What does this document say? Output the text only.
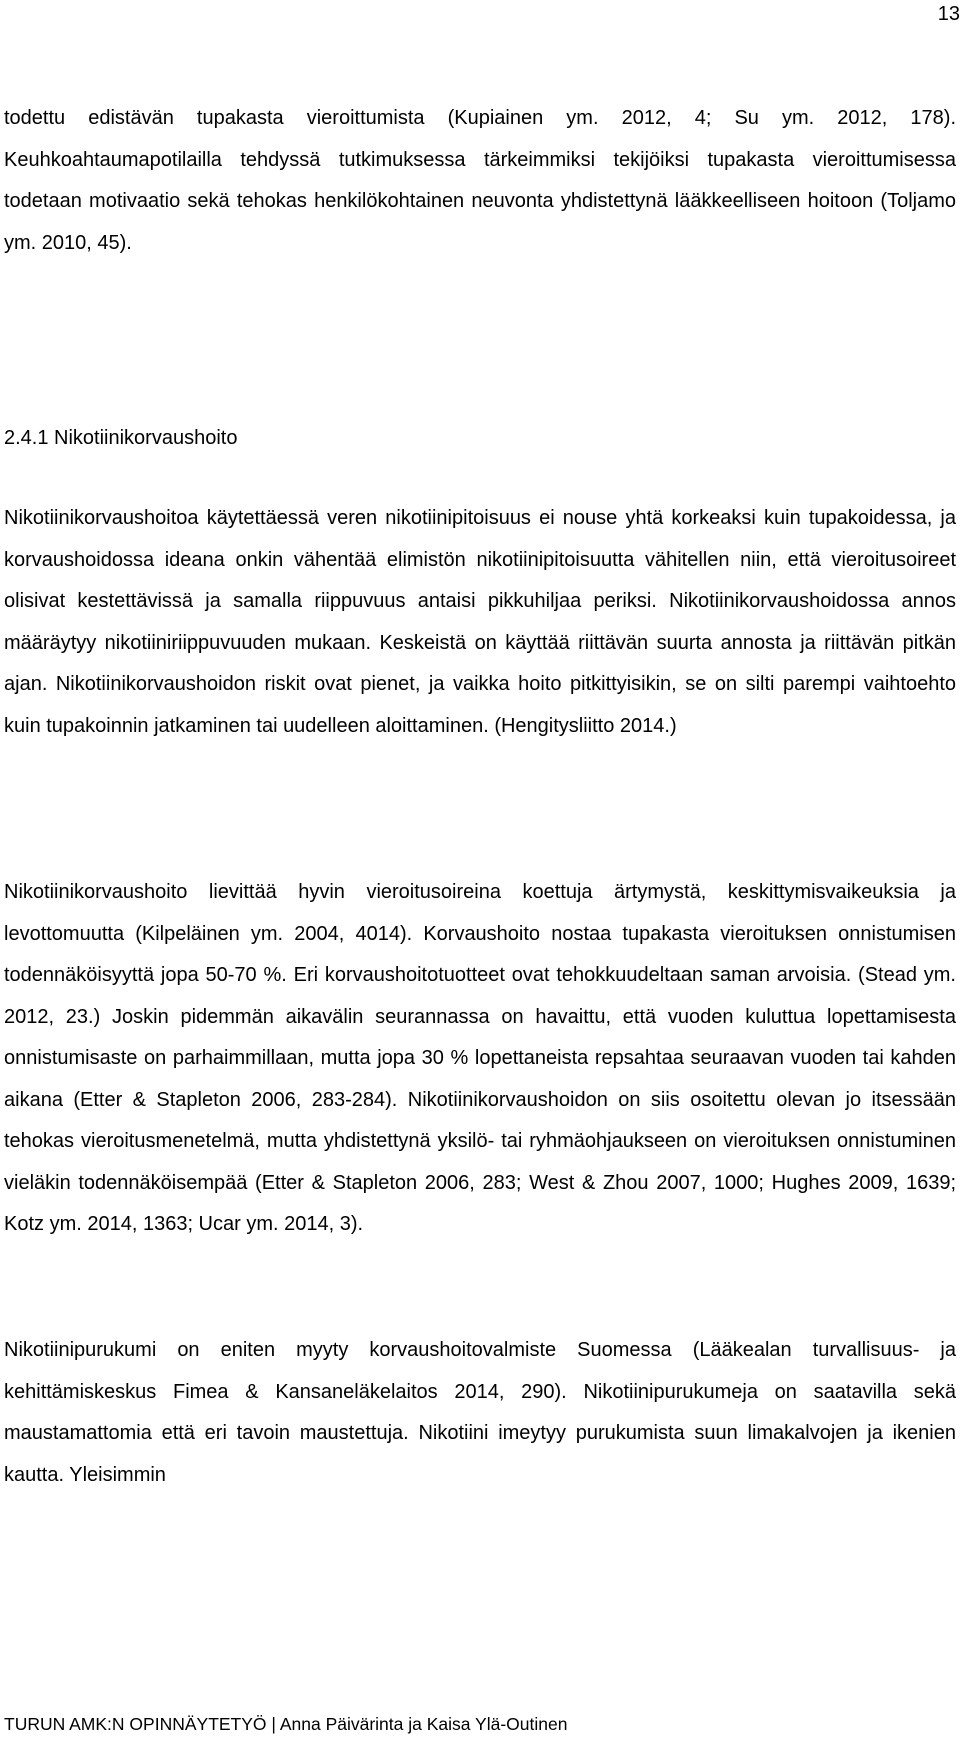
13

todettu edistävän tupakasta vieroittumista (Kupiainen ym. 2012, 4; Su ym. 2012, 178). Keuhkoahtaumapotilailla tehdyssä tutkimuksessa tärkeimmiksi tekijöiksi tupakasta vieroittumisessa todetaan motivaatio sekä tehokas henkilökohtainen neuvonta yhdistettynä lääkkeelliseen hoitoon (Toljamo ym. 2010, 45).

2.4.1 Nikotiinikorvaushoito

Nikotiinikorvaushoitoa käytettäessä veren nikotiinipitoisuus ei nouse yhtä korkeaksi kuin tupakoidessa, ja korvaushoidossa ideana onkin vähentää elimistön nikotiinipitoisuutta vähitellen niin, että vieroitusoireet olisivat kestettävissä ja samalla riippuvuus antaisi pikkuhiljaa periksi. Nikotiinikorvaushoidossa annos määräytyy nikotiiniriippuvuuden mukaan. Keskeistä on käyttää riittävän suurta annosta ja riittävän pitkän ajan. Nikotiinikorvaushoidon riskit ovat pienet, ja vaikka hoito pitkittyisikin, se on silti parempi vaihtoehto kuin tupakoinnin jatkaminen tai uudelleen aloittaminen. (Hengitysliitto 2014.)

Nikotiinikorvaushoito lievittää hyvin vieroitusoireina koettuja ärtymystä, keskittymisvaikeuksia ja levottomuutta (Kilpeläinen ym. 2004, 4014). Korvaushoito nostaa tupakasta vieroituksen onnistumisen todennäköisyyttä jopa 50-70 %. Eri korvaushoitotuotteet ovat tehokkuudeltaan saman arvoisia. (Stead ym. 2012, 23.) Joskin pidemmän aikavälin seurannassa on havaittu, että vuoden kuluttua lopettamisesta onnistumisaste on parhaimmillaan, mutta jopa 30 % lopettaneista repsahtaa seuraavan vuoden tai kahden aikana (Etter & Stapleton 2006, 283-284). Nikotiinikorvaushoidon on siis osoitettu olevan jo itsessään tehokas vieroitusmenetelmä, mutta yhdistettynä yksilö- tai ryhmäohjaukseen on vieroituksen onnistuminen vieläkin todennäköisempää (Etter & Stapleton 2006, 283; West & Zhou 2007, 1000; Hughes 2009, 1639; Kotz ym. 2014, 1363; Ucar ym. 2014, 3).

Nikotiinipurukumi on eniten myyty korvaushoitovalmiste Suomessa (Lääkealan turvallisuus- ja kehittämiskeskus Fimea & Kansaneläkelaitos 2014, 290). Nikotiinipurukumeja on saatavilla sekä maustamattomia että eri tavoin maustettuja. Nikotiini imeytyy purukumista suun limakalvojen ja ikenien kautta. Yleisimmin

TURUN AMK:N OPINNÄYTETYÖ | Anna Päivärinta ja Kaisa Ylä-Outinen
